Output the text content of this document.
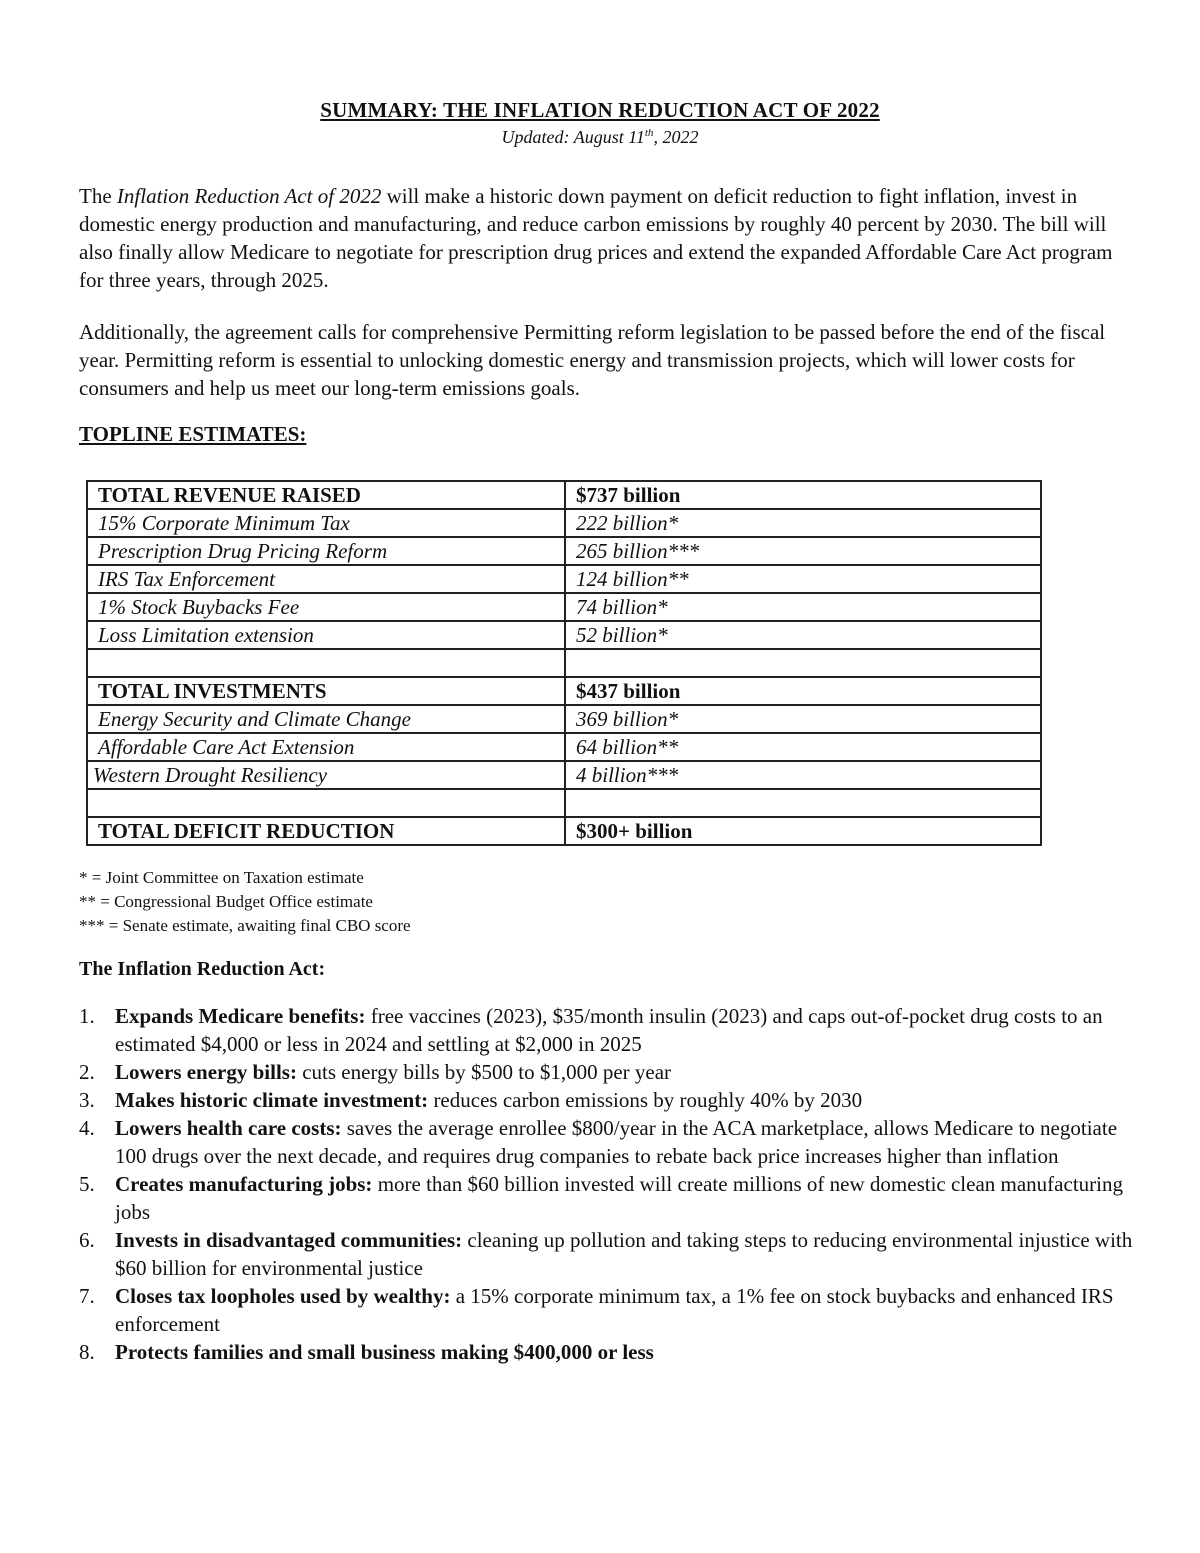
SUMMARY: THE INFLATION REDUCTION ACT OF 2022
Updated: August 11th, 2022
The Inflation Reduction Act of 2022 will make a historic down payment on deficit reduction to fight inflation, invest in domestic energy production and manufacturing, and reduce carbon emissions by roughly 40 percent by 2030. The bill will also finally allow Medicare to negotiate for prescription drug prices and extend the expanded Affordable Care Act program for three years, through 2025.
Additionally, the agreement calls for comprehensive Permitting reform legislation to be passed before the end of the fiscal year. Permitting reform is essential to unlocking domestic energy and transmission projects, which will lower costs for consumers and help us meet our long-term emissions goals.
TOPLINE ESTIMATES:
TOTAL REVENUE RAISED	$737 billion
15% Corporate Minimum Tax	222 billion*
Prescription Drug Pricing Reform	265 billion***
IRS Tax Enforcement	124 billion**
1% Stock Buybacks Fee	74 billion*
Loss Limitation extension	52 billion*

TOTAL INVESTMENTS	$437 billion
Energy Security and Climate Change	369 billion*
Affordable Care Act Extension	64 billion**
Western Drought Resiliency	4 billion***

TOTAL DEFICIT REDUCTION	$300+ billion
* = Joint Committee on Taxation estimate
** = Congressional Budget Office estimate
*** = Senate estimate, awaiting final CBO score
The Inflation Reduction Act:
1. Expands Medicare benefits: free vaccines (2023), $35/month insulin (2023) and caps out-of-pocket drug costs to an estimated $4,000 or less in 2024 and settling at $2,000 in 2025
2. Lowers energy bills: cuts energy bills by $500 to $1,000 per year
3. Makes historic climate investment: reduces carbon emissions by roughly 40% by 2030
4. Lowers health care costs: saves the average enrollee $800/year in the ACA marketplace, allows Medicare to negotiate 100 drugs over the next decade, and requires drug companies to rebate back price increases higher than inflation
5. Creates manufacturing jobs: more than $60 billion invested will create millions of new domestic clean manufacturing jobs
6. Invests in disadvantaged communities: cleaning up pollution and taking steps to reducing environmental injustice with $60 billion for environmental justice
7. Closes tax loopholes used by wealthy: a 15% corporate minimum tax, a 1% fee on stock buybacks and enhanced IRS enforcement
8. Protects families and small business making $400,000 or less
